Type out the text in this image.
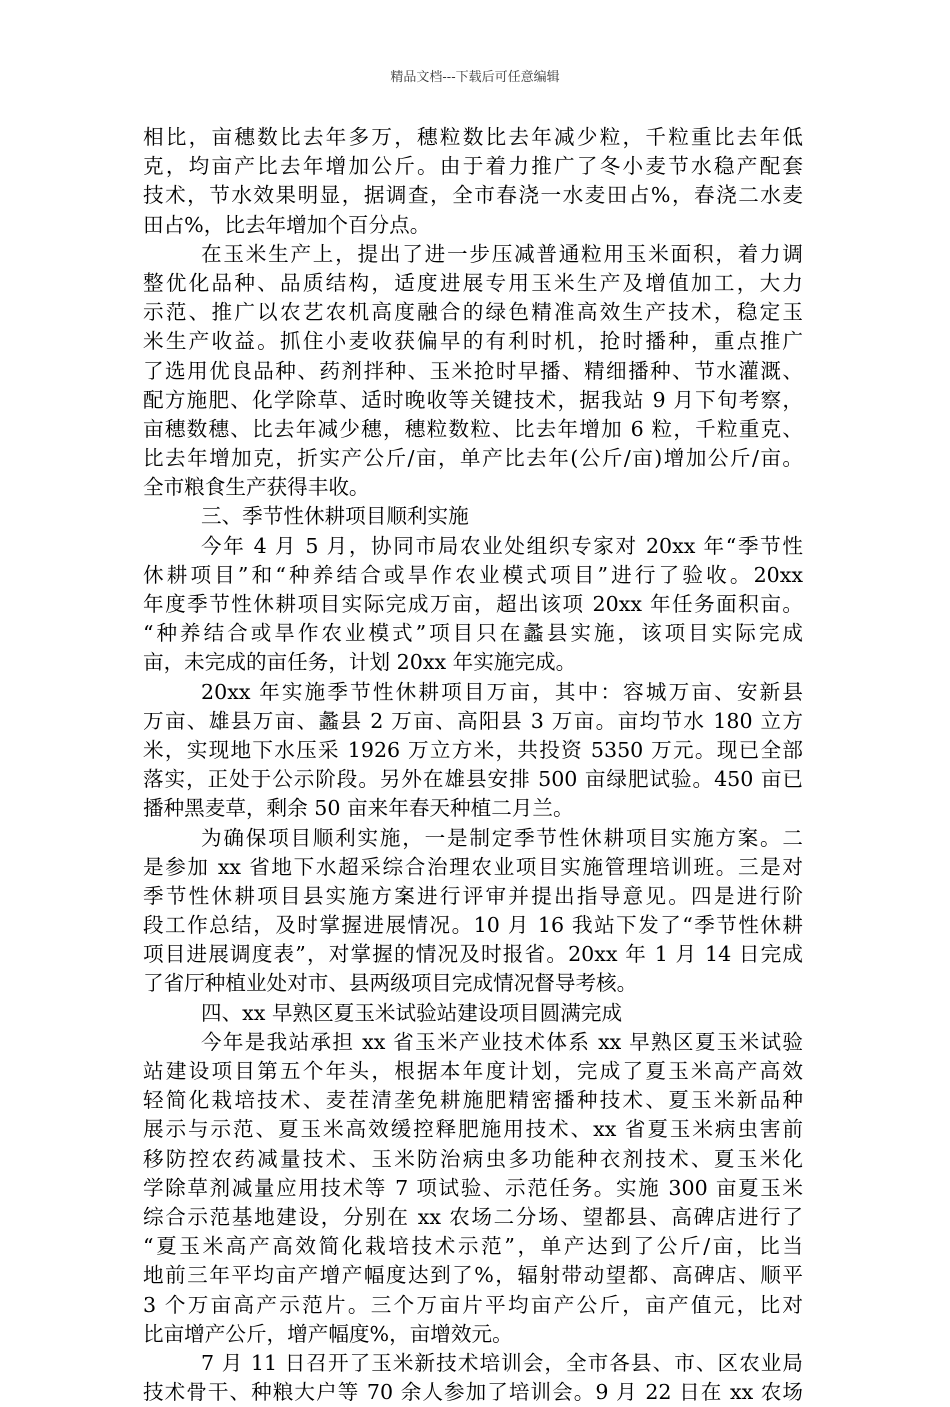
精品文档---下载后可任意编辑
相比，亩穗数比去年多万，穗粒数比去年减少粒，千粒重比去年低
克，均亩产比去年增加公斤。由于着力推广了冬小麦节水稳产配套
技术，节水效果明显，据调查，全市春浇一水麦田占%，春浇二水麦
田占%，比去年增加个百分点。
在玉米生产上，提出了进一步压减普通粒用玉米面积，着力调
整优化品种、品质结构，适度进展专用玉米生产及增值加工，大力
示范、推广以农艺农机高度融合的绿色精准高效生产技术，稳定玉
米生产收益。抓住小麦收获偏早的有利时机，抢时播种，重点推广
了选用优良品种、药剂拌种、玉米抢时早播、精细播种、节水灌溉、
配方施肥、化学除草、适时晚收等关键技术，据我站 9 月下旬考察，
亩穗数穗、比去年减少穗，穗粒数粒、比去年增加 6 粒，千粒重克、
比去年增加克，折实产公斤/亩，单产比去年(公斤/亩)增加公斤/亩。
全市粮食生产获得丰收。
三、季节性休耕项目顺利实施
今年 4 月 5 月，协同市局农业处组织专家对 20xx 年“季节性
休耕项目”和“种养结合或旱作农业模式项目”进行了验收。20xx
年度季节性休耕项目实际完成万亩，超出该项 20xx 年任务面积亩。
“种养结合或旱作农业模式”项目只在蠡县实施，该项目实际完成
亩，未完成的亩任务，计划 20xx 年实施完成。
20xx 年实施季节性休耕项目万亩，其中：容城万亩、安新县
万亩、雄县万亩、蠡县 2 万亩、高阳县 3 万亩。亩均节水 180 立方
米，实现地下水压采 1926 万立方米，共投资 5350 万元。现已全部
落实，正处于公示阶段。另外在雄县安排 500 亩绿肥试验。450 亩已
播种黑麦草，剩余 50 亩来年春天种植二月兰。
为确保项目顺利实施，一是制定季节性休耕项目实施方案。二
是参加 xx 省地下水超采综合治理农业项目实施管理培训班。三是对
季节性休耕项目县实施方案进行评审并提出指导意见。四是进行阶
段工作总结，及时掌握进展情况。10 月 16 我站下发了“季节性休耕
项目进展调度表”，对掌握的情况及时报省。20xx 年 1 月 14 日完成
了省厅种植业处对市、县两级项目完成情况督导考核。
四、xx 早熟区夏玉米试验站建设项目圆满完成
今年是我站承担 xx 省玉米产业技术体系 xx 早熟区夏玉米试验
站建设项目第五个年头，根据本年度计划，完成了夏玉米高产高效
轻简化栽培技术、麦茬清垄免耕施肥精密播种技术、夏玉米新品种
展示与示范、夏玉米高效缓控释肥施用技术、xx 省夏玉米病虫害前
移防控农药减量技术、玉米防治病虫多功能种衣剂技术、夏玉米化
学除草剂减量应用技术等 7 项试验、示范任务。实施 300 亩夏玉米
综合示范基地建设，分别在 xx 农场二分场、望都县、高碑店进行了
“夏玉米高产高效简化栽培技术示范”，单产达到了公斤/亩，比当
地前三年平均亩产增产幅度达到了%，辐射带动望都、高碑店、顺平
3 个万亩高产示范片。三个万亩片平均亩产公斤，亩产值元，比对
比亩增产公斤，增产幅度%，亩增效元。
7 月 11 日召开了玉米新技术培训会，全市各县、市、区农业局
技术骨干、种粮大户等 70 余人参加了培训会。9 月 22 日在 xx 农场
